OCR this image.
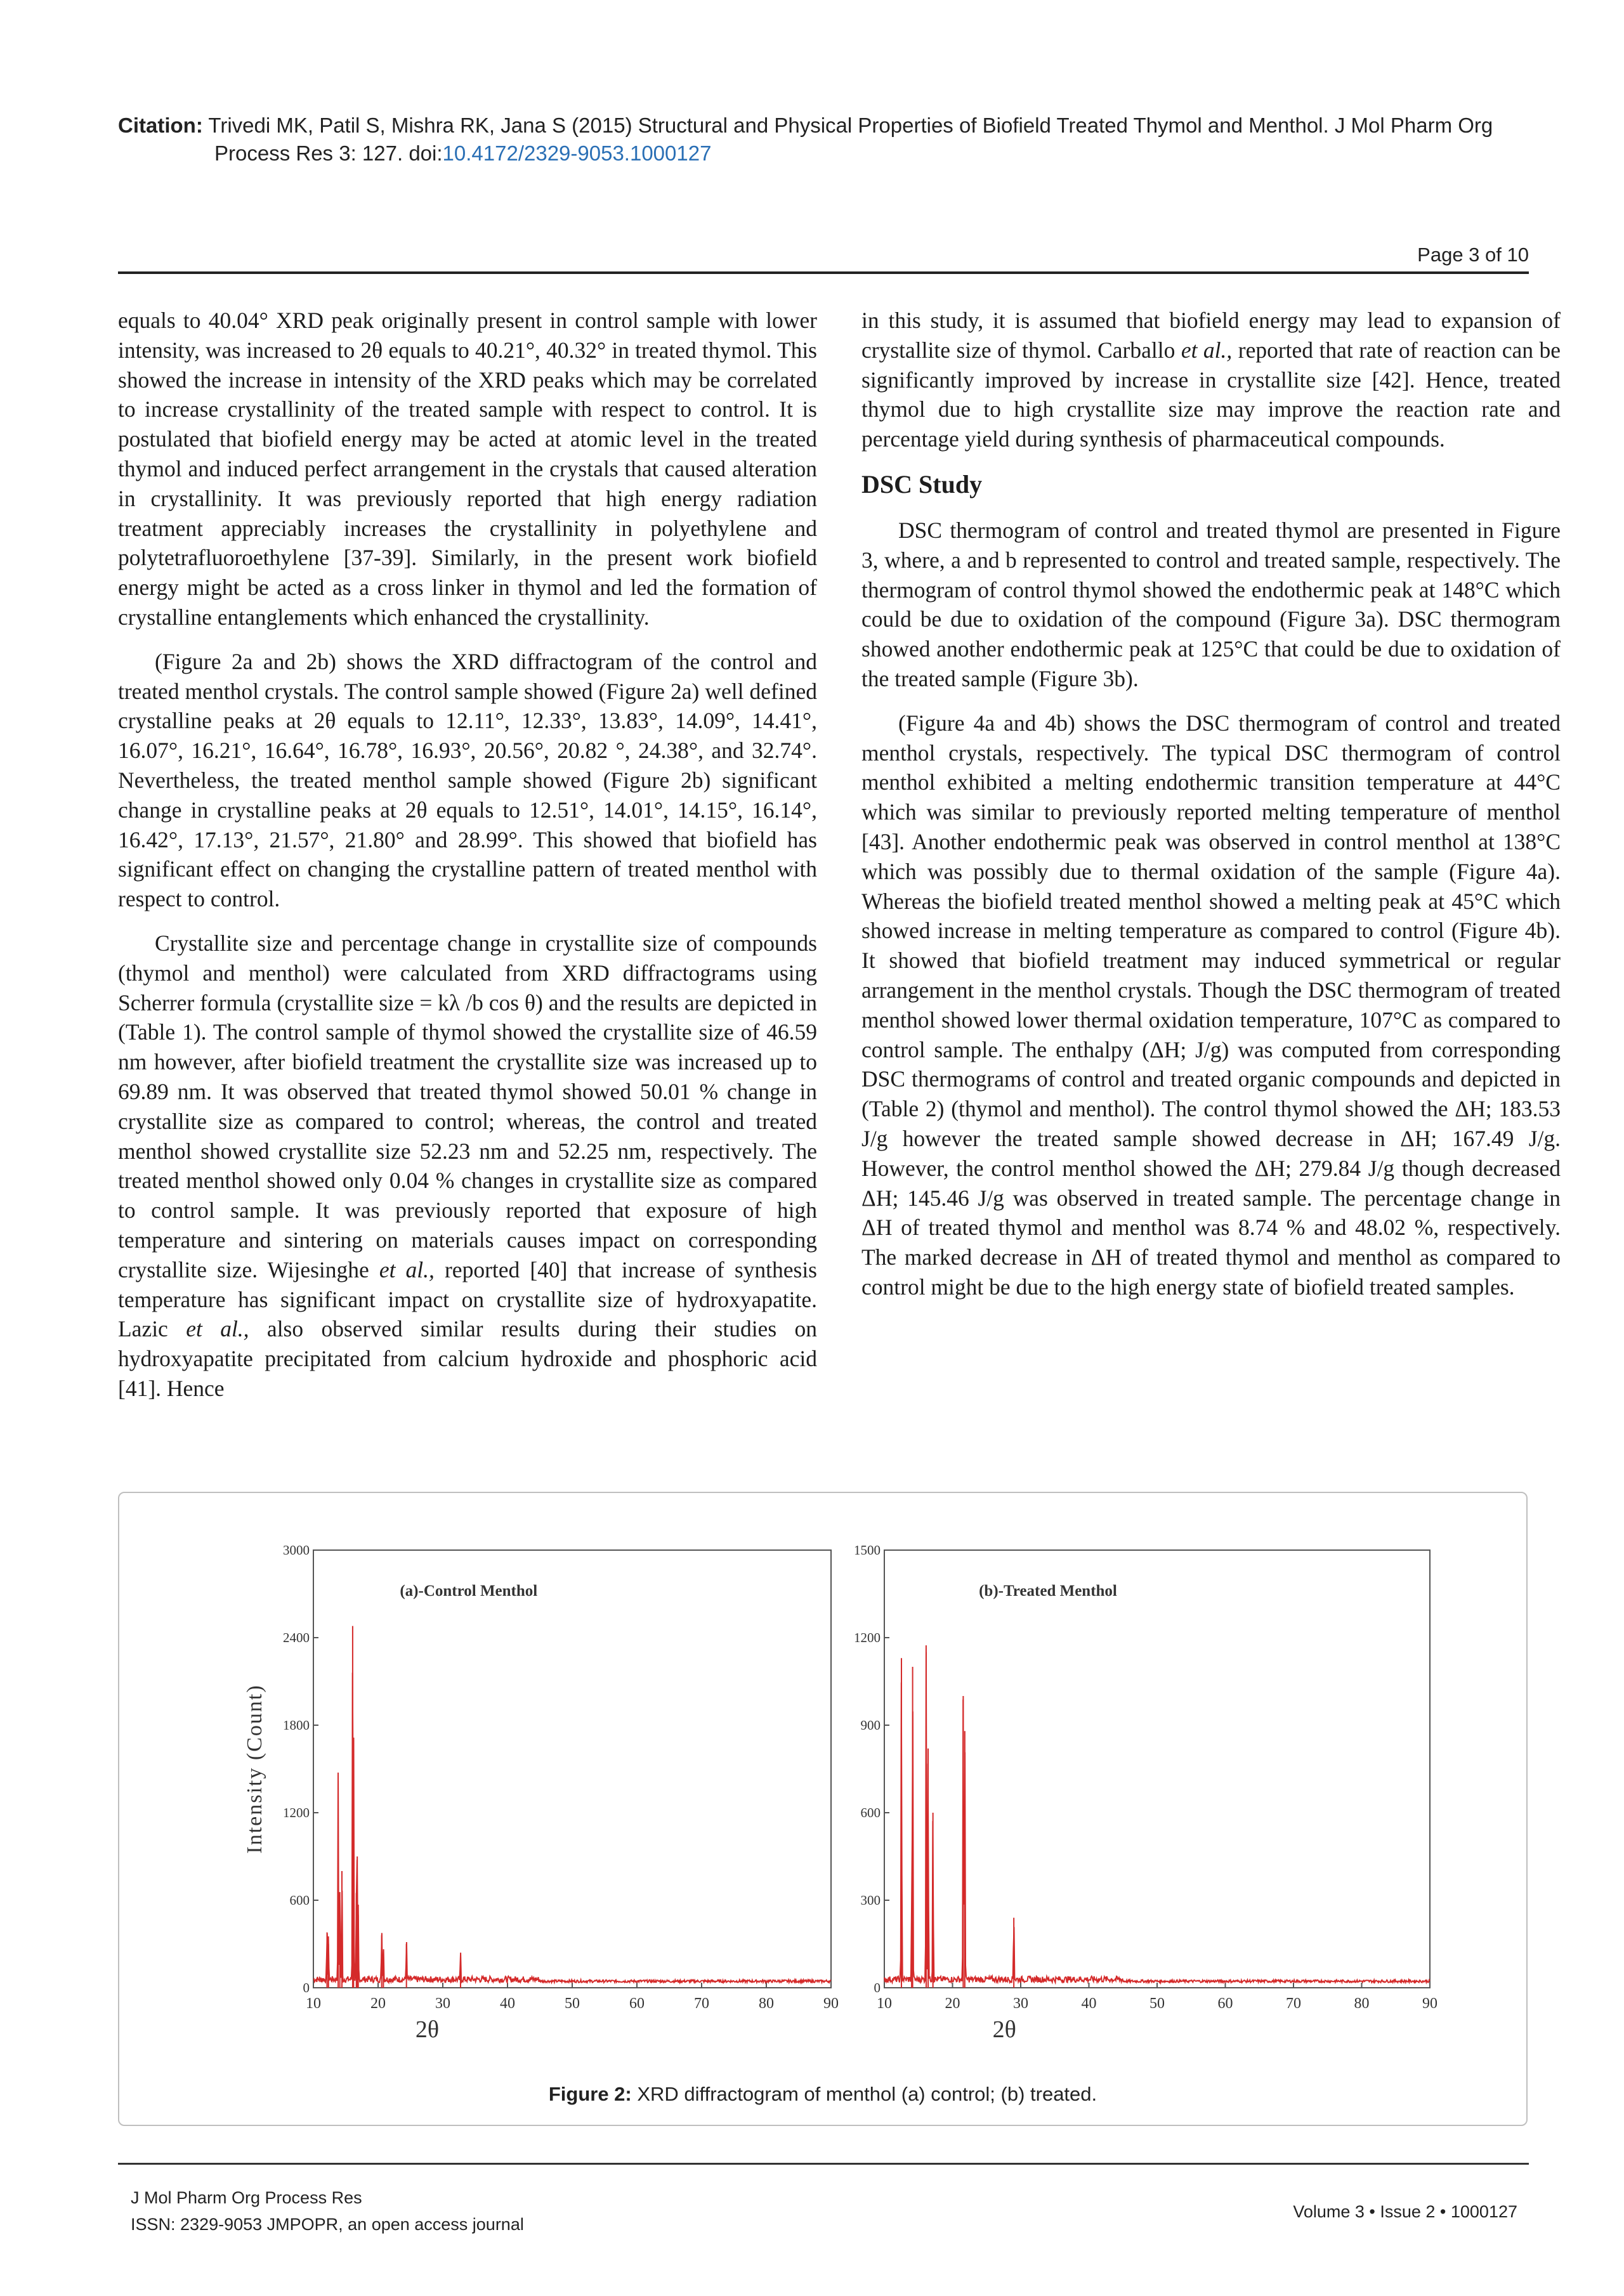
Citation: Trivedi MK, Patil S, Mishra RK, Jana S (2015) Structural and Physical Properties of Biofield Treated Thymol and Menthol. J Mol Pharm Org
Process Res 3: 127. doi:10.4172/2329-9053.1000127
Page 3 of 10

equals to 40.04° XRD peak originally present in control sample with lower intensity, was increased to 2θ equals to 40.21°, 40.32° in treated thymol. This showed the increase in intensity of the XRD peaks which may be correlated to increase crystallinity of the treated sample with respect to control. It is postulated that biofield energy may be acted at atomic level in the treated thymol and induced perfect arrangement in the crystals that caused alteration in crystallinity. It was previously reported that high energy radiation treatment appreciably increases the crystallinity in polyethylene and polytetrafluoroethylene [37-39]. Similarly, in the present work biofield energy might be acted as a cross linker in thymol and led the formation of crystalline entanglements which enhanced the crystallinity.

(Figure 2a and 2b) shows the XRD diffractogram of the control and treated menthol crystals. The control sample showed (Figure 2a) well defined crystalline peaks at 2θ equals to 12.11°, 12.33°, 13.83°, 14.09°, 14.41°, 16.07°, 16.21°, 16.64°, 16.78°, 16.93°, 20.56°, 20.82 °, 24.38°, and 32.74°. Nevertheless, the treated menthol sample showed (Figure 2b) significant change in crystalline peaks at 2θ equals to 12.51°, 14.01°, 14.15°, 16.14°, 16.42°, 17.13°, 21.57°, 21.80° and 28.99°. This showed that biofield has significant effect on changing the crystalline pattern of treated menthol with respect to control.

Crystallite size and percentage change in crystallite size of compounds (thymol and menthol) were calculated from XRD diffractograms using Scherrer formula (crystallite size = kλ /b cos θ) and the results are depicted in (Table 1). The control sample of thymol showed the crystallite size of 46.59 nm however, after biofield treatment the crystallite size was increased up to 69.89 nm. It was observed that treated thymol showed 50.01 % change in crystallite size as compared to control; whereas, the control and treated menthol showed crystallite size 52.23 nm and 52.25 nm, respectively. The treated menthol showed only 0.04 % changes in crystallite size as compared to control sample. It was previously reported that exposure of high temperature and sintering on materials causes impact on corresponding crystallite size. Wijesinghe et al., reported [40] that increase of synthesis temperature has significant impact on crystallite size of hydroxyapatite. Lazic et al., also observed similar results during their studies on hydroxyapatite precipitated from calcium hydroxide and phosphoric acid [41]. Hence

in this study, it is assumed that biofield energy may lead to expansion of crystallite size of thymol. Carballo et al., reported that rate of reaction can be significantly improved by increase in crystallite size [42]. Hence, treated thymol due to high crystallite size may improve the reaction rate and percentage yield during synthesis of pharmaceutical compounds.

DSC Study

DSC thermogram of control and treated thymol are presented in Figure 3, where, a and b represented to control and treated sample, respectively. The thermogram of control thymol showed the endothermic peak at 148°C which could be due to oxidation of the compound (Figure 3a). DSC thermogram showed another endothermic peak at 125°C that could be due to oxidation of the treated sample (Figure 3b).

(Figure 4a and 4b) shows the DSC thermogram of control and treated menthol crystals, respectively. The typical DSC thermogram of control menthol exhibited a melting endothermic transition temperature at 44°C which was similar to previously reported melting temperature of menthol [43]. Another endothermic peak was observed in control menthol at 138°C which was possibly due to thermal oxidation of the sample (Figure 4a). Whereas the biofield treated menthol showed a melting peak at 45°C which showed increase in melting temperature as compared to control (Figure 4b). It showed that biofield treatment may induced symmetrical or regular arrangement in the menthol crystals. Though the DSC thermogram of treated menthol showed lower thermal oxidation temperature, 107°C as compared to control sample. The enthalpy (ΔH; J/g) was computed from corresponding DSC thermograms of control and treated organic compounds and depicted in (Table 2) (thymol and menthol). The control thymol showed the ΔH; 183.53 J/g however the treated sample showed decrease in ΔH; 167.49 J/g. However, the control menthol showed the ΔH; 279.84 J/g though decreased ΔH; 145.46 J/g was observed in treated sample. The percentage change in ΔH of treated thymol and menthol was 8.74 % and 48.02 %, respectively. The marked decrease in ΔH of treated thymol and menthol as compared to control might be due to the high energy state of biofield treated samples.

0
600
1200
1800
2400
3000
10	20	30	40	50	60	70	80	90
(a)-Control Menthol
2θ
Intensity (Count)
0
300
600
900
1200
1500
10	20	30	40	50	60	70	80	90
(b)-Treated Menthol
2θ
Figure 2: XRD diffractogram of menthol (a) control; (b) treated.
J Mol Pharm Org Process Res
ISSN: 2329-9053 JMPOPR, an open access journal
Volume 3 • Issue 2 • 1000127
